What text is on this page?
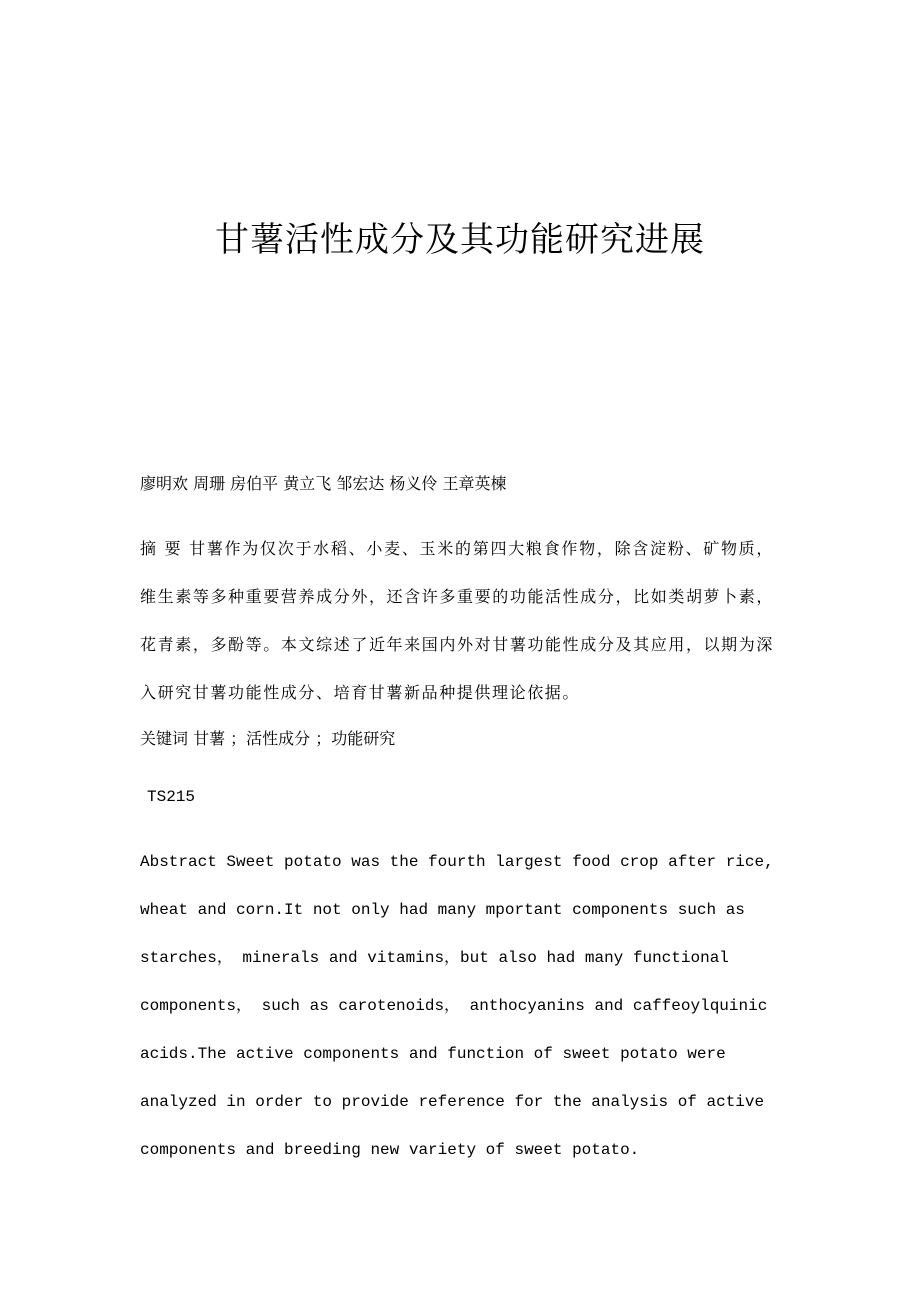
甘薯活性成分及其功能研究进展
廖明欢 周珊 房伯平 黄立飞 邹宏达 杨义伶 王章英楝

摘 要 甘薯作为仅次于水稻、小麦、玉米的第四大粮食作物，除含淀粉、矿物质，维生素等多种重要营养成分外，还含许多重要的功能活性成分，比如类胡萝卜素，花青素，多酚等。本文综述了近年来国内外对甘薯功能性成分及其应用，以期为深入研究甘薯功能性成分、培育甘薯新品种提供理论依据。

关键词 甘薯 ；活性成分 ；功能研究
TS215
Abstract Sweet potato was the fourth largest food crop after rice,
wheat and corn.It not only had many mportant components such as
starches， minerals and vitamins，but also had many functional
components， such as carotenoids， anthocyanins and caffeoylquinic
acids.The active components and function of sweet potato were
analyzed in order to provide reference for the analysis of active
components and breeding new variety of sweet potato.
